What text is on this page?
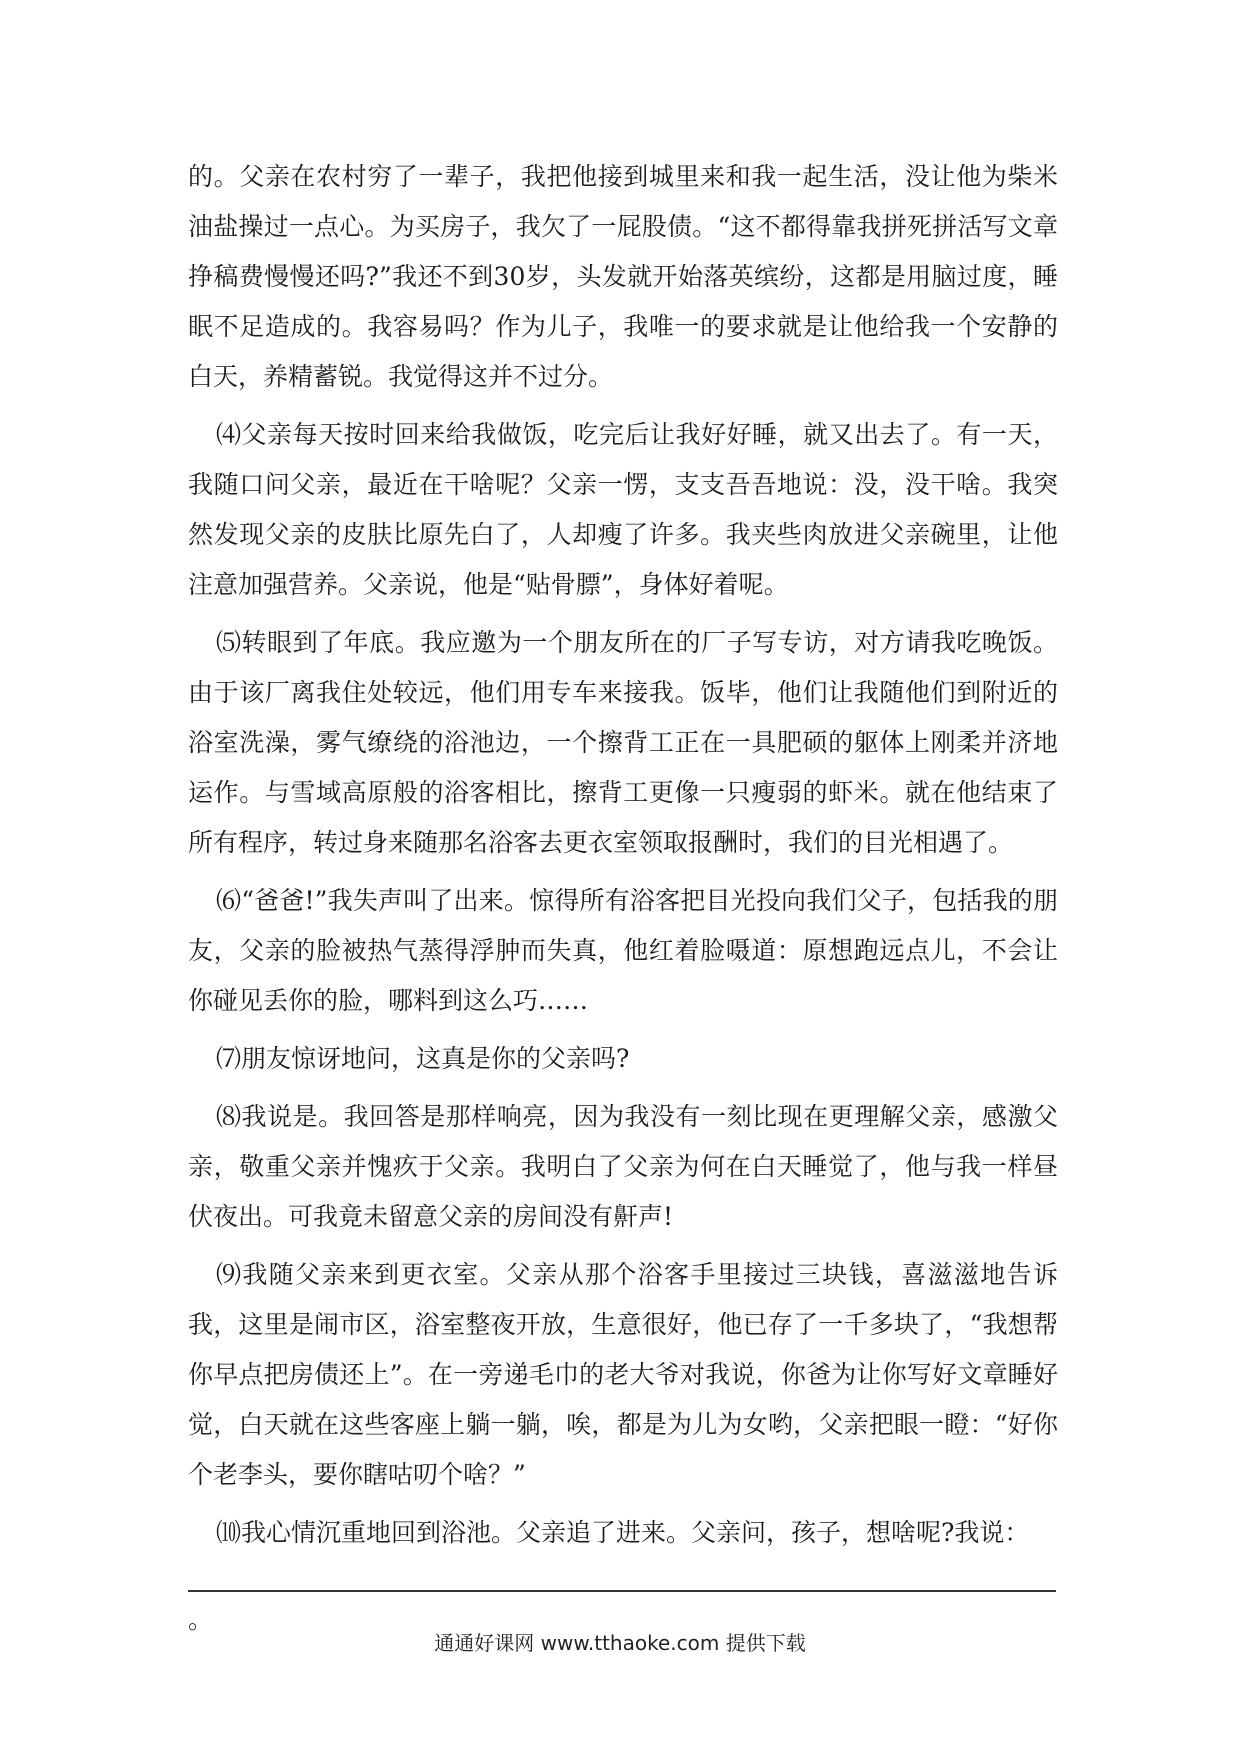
的。父亲在农村穷了一辈子，我把他接到城里来和我一起生活，没让他为柴米油盐操过一点心。为买房子，我欠了一屁股债。“这不都得靠我拼死拼活写文章挣稿费慢慢还吗?”我还不到30岁，头发就开始落英缤纷，这都是用脑过度，睡眠不足造成的。我容易吗？作为儿子，我唯一的要求就是让他给我一个安静的白天，养精蓄锐。我觉得这并不过分。

⑷父亲每天按时回来给我做饭，吃完后让我好好睡，就又出去了。有一天，我随口问父亲，最近在干啥呢？父亲一愣，支支吾吾地说：没，没干啥。我突然发现父亲的皮肤比原先白了，人却瘦了许多。我夹些肉放进父亲碗里，让他注意加强营养。父亲说，他是“贴骨膘”，身体好着呢。

⑸转眼到了年底。我应邀为一个朋友所在的厂子写专访，对方请我吃晚饭。由于该厂离我住处较远，他们用专车来接我。饭毕，他们让我随他们到附近的浴室洗澡，雾气缭绕的浴池边，一个擦背工正在一具肥硕的躯体上刚柔并济地运作。与雪域高原般的浴客相比，擦背工更像一只瘦弱的虾米。就在他结束了所有程序，转过身来随那名浴客去更衣室领取报酬时，我们的目光相遇了。

⑹“爸爸!”我失声叫了出来。惊得所有浴客把目光投向我们父子，包括我的朋友，父亲的脸被热气蒸得浮肿而失真，他红着脸嗫道：原想跑远点儿，不会让你碰见丢你的脸，哪料到这么巧……

⑺朋友惊讶地问，这真是你的父亲吗?

⑻我说是。我回答是那样响亮，因为我没有一刻比现在更理解父亲，感激父亲，敬重父亲并愧疚于父亲。我明白了父亲为何在白天睡觉了，他与我一样昼伏夜出。可我竟未留意父亲的房间没有鼾声!

⑼我随父亲来到更衣室。父亲从那个浴客手里接过三块钱，喜滋滋地告诉我，这里是闹市区，浴室整夜开放，生意很好，他已存了一千多块了，“我想帮你早点把房债还上”。在一旁递毛巾的老大爷对我说，你爸为让你写好文章睡好觉，白天就在这些客座上躺一躺，唉，都是为儿为女哟，父亲把眼一瞪：“好你个老李头，要你瞎咕叨个啥？”

⑽我心情沉重地回到浴池。父亲追了进来。父亲问，孩子，想啥呢?我说：

。
通通好课网 www.tthaoke.com 提供下载
